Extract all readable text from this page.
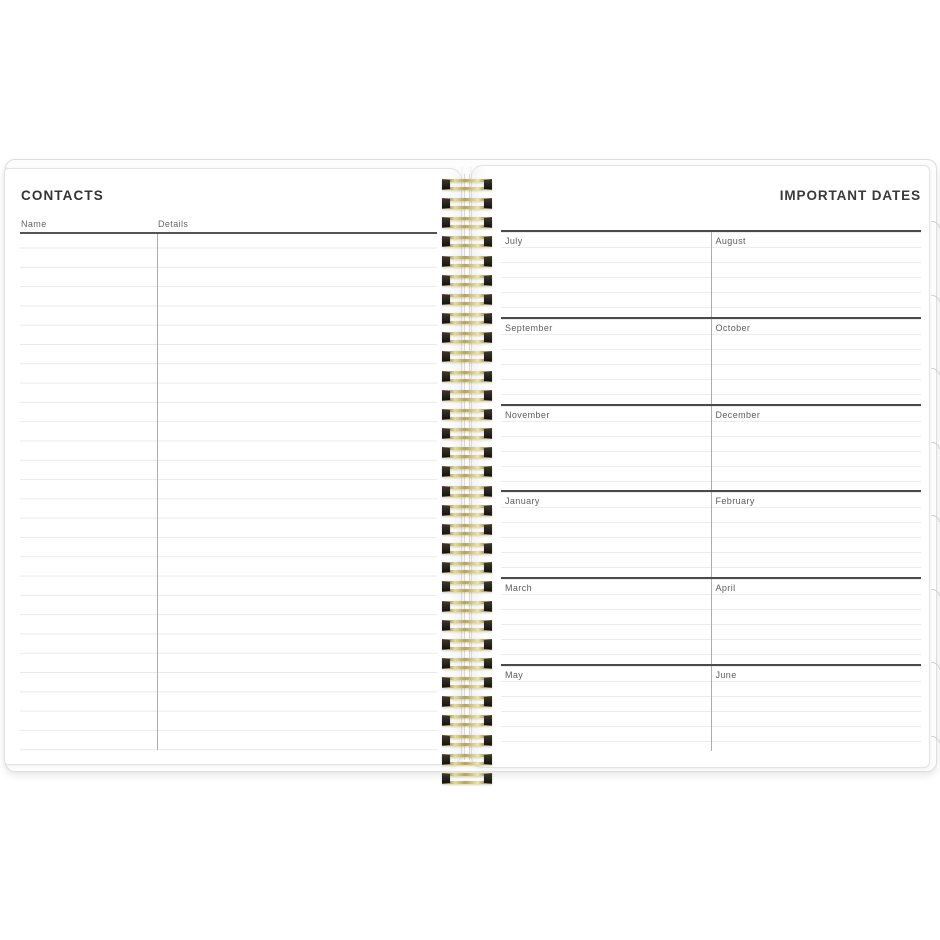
CONTACTS
Name	Details
IMPORTANT DATES
July	August
September	October
November	December
January	February
March	April
May	June
